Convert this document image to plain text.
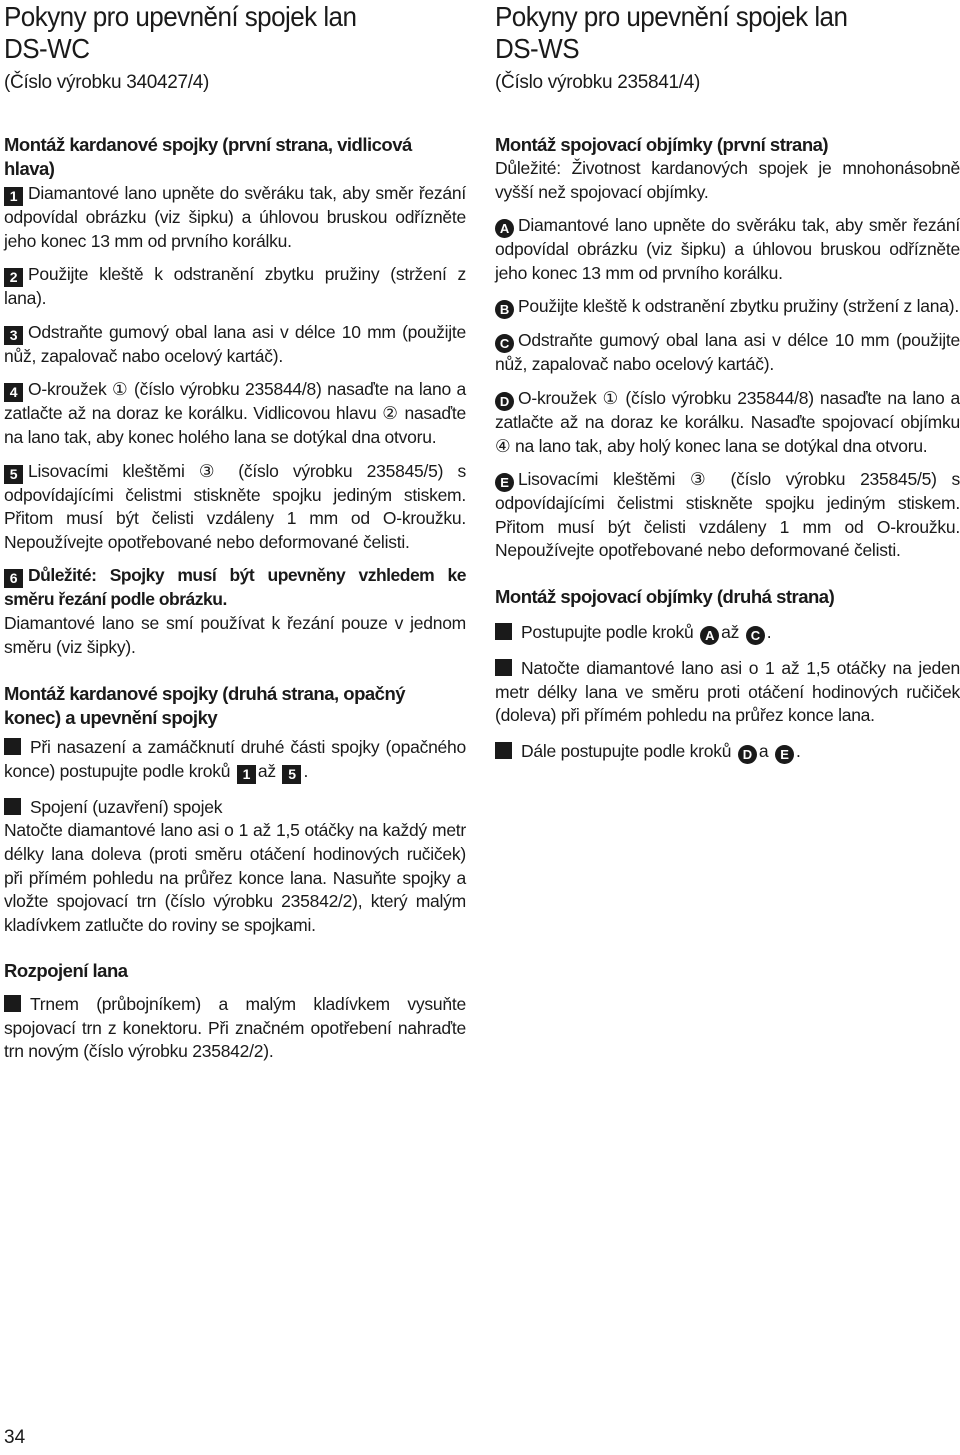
Pokyny pro upevnění spojek lan
DS-WC
(Číslo výrobku 340427/4)
Montáž kardanové spojky (první strana, vidlicová hlava)

1 Diamantové lano upněte do svěráku tak, aby směr řezání odpovídal obrázku (viz šipku) a úhlovou bruskou odřízněte jeho konec 13 mm od prvního korálku.

2 Použijte kleště k odstranění zbytku pružiny (stržení z lana).

3 Odstraňte gumový obal lana asi v délce 10 mm (použijte nůž, zapalovač nabo ocelový kartáč).

4 O-kroužek ① (číslo výrobku 235844/8) nasaďte na lano a zatlačte až na doraz ke korálku. Vidlicovou hlavu ② nasaďte na lano tak, aby konec holého lana se dotýkal dna otvoru.

5 Lisovacími kleštěmi ③ (číslo výrobku 235845/5) s odpovídajícími čelistmi stiskněte spojku jediným stiskem. Přitom musí být čelisti vzdáleny 1 mm od O-kroužku. Nepoužívejte opotřebované nebo deformované čelisti.

6 Důležité: Spojky musí být upevněny vzhledem ke směru řezání podle obrázku.
Diamantové lano se smí používat k řezání pouze v jednom směru (viz šipky).

Montáž kardanové spojky (druhá strana, opačný konec) a upevnění spojky

Při nasazení a zamáčknutí druhé části spojky (opačného konce) postupujte podle kroků 1 až 5 .

Spojení (uzavření) spojek
Natočte diamantové lano asi o 1 až 1,5 otáčky na každý metr délky lana doleva (proti směru otáčení hodinových ručiček) při přímém pohledu na průřez konce lana. Nasuňte spojky a vložte spojovací trn (číslo výrobku 235842/2), který malým kladívkem zatlučte do roviny se spojkami.

Rozpojení lana

Trnem (průbojníkem) a malým kladívkem vysuňte spojovací trn z konektoru. Při značném opotřebení nahraďte trn novým (číslo výrobku 235842/2).

Pokyny pro upevnění spojek lan
DS-WS
(Číslo výrobku 235841/4)
Montáž spojovací objímky (první strana)

Důležité: Životnost kardanových spojek je mnohonásobně vyšší než spojovací objímky.

A Diamantové lano upněte do svěráku tak, aby směr řezání odpovídal obrázku (viz šipku) a úhlovou bruskou odřízněte jeho konec 13 mm od prvního korálku.

B Použijte kleště k odstranění zbytku pružiny (stržení z lana).

C Odstraňte gumový obal lana asi v délce 10 mm (použijte nůž, zapalovač nabo ocelový kartáč).

D O-kroužek ① (číslo výrobku 235844/8) nasaďte na lano a zatlačte až na doraz ke korálku. Nasaďte spojovací objímku ④ na lano tak, aby holý konec lana se dotýkal dna otvoru.

E Lisovacími kleštěmi ③ (číslo výrobku 235845/5) s odpovídajícími čelistmi stiskněte spojku jediným stiskem. Přitom musí být čelisti vzdáleny 1 mm od O-kroužku. Nepoužívejte opotřebované nebo deformované čelisti.

Montáž spojovací objímky (druhá strana)

Postupujte podle kroků A až C .

Natočte diamantové lano asi o 1 až 1,5 otáčky na jeden metr délky lana ve směru proti otáčení hodinových ručiček (doleva) při přímém pohledu na průřez konce lana.

Dále postupujte podle kroků D a E .

34
